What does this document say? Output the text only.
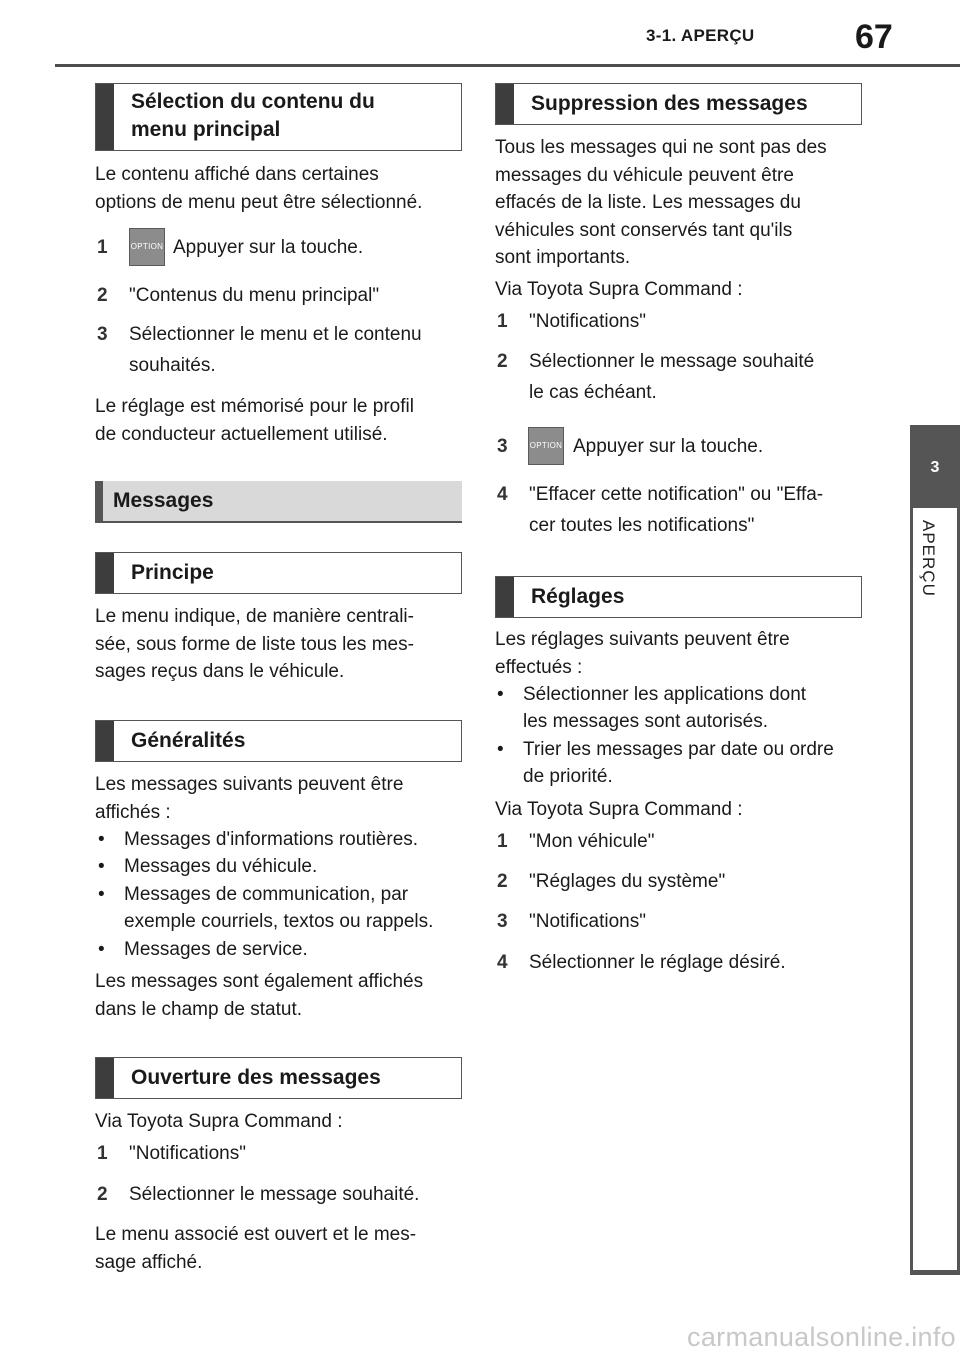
3-1. APERÇU	67
3
APERÇU
Sélection du contenu du
menu principal
Le contenu affiché dans certaines
options de menu peut être sélectionné.
1	OPTION Appuyer sur la touche.
2 "Contenus du menu principal"
3 Sélectionner le menu et le contenu
souhaités.
Le réglage est mémorisé pour le profil
de conducteur actuellement utilisé.
Messages
Principe
Le menu indique, de manière centrali-
sée, sous forme de liste tous les mes-
sages reçus dans le véhicule.
Généralités
Les messages suivants peuvent être
affichés :
• Messages d'informations routières.
• Messages du véhicule.
• Messages de communication, par
exemple courriels, textos ou rappels.
• Messages de service.
Les messages sont également affichés
dans le champ de statut.
Ouverture des messages
Via Toyota Supra Command :
1 "Notifications"
2 Sélectionner le message souhaité.
Le menu associé est ouvert et le mes-
sage affiché.
Suppression des messages
Tous les messages qui ne sont pas des
messages du véhicule peuvent être
effacés de la liste. Les messages du
véhicules sont conservés tant qu'ils
sont importants.
Via Toyota Supra Command :
1 "Notifications"
2 Sélectionner le message souhaité
le cas échéant.
3	OPTION Appuyer sur la touche.
4 "Effacer cette notification" ou "Effa-
cer toutes les notifications"
Réglages
Les réglages suivants peuvent être
effectués :
• Sélectionner les applications dont
les messages sont autorisés.
• Trier les messages par date ou ordre
de priorité.
Via Toyota Supra Command :
1 "Mon véhicule"
2 "Réglages du système"
3 "Notifications"
4 Sélectionner le réglage désiré.
carmanualsonline.info
